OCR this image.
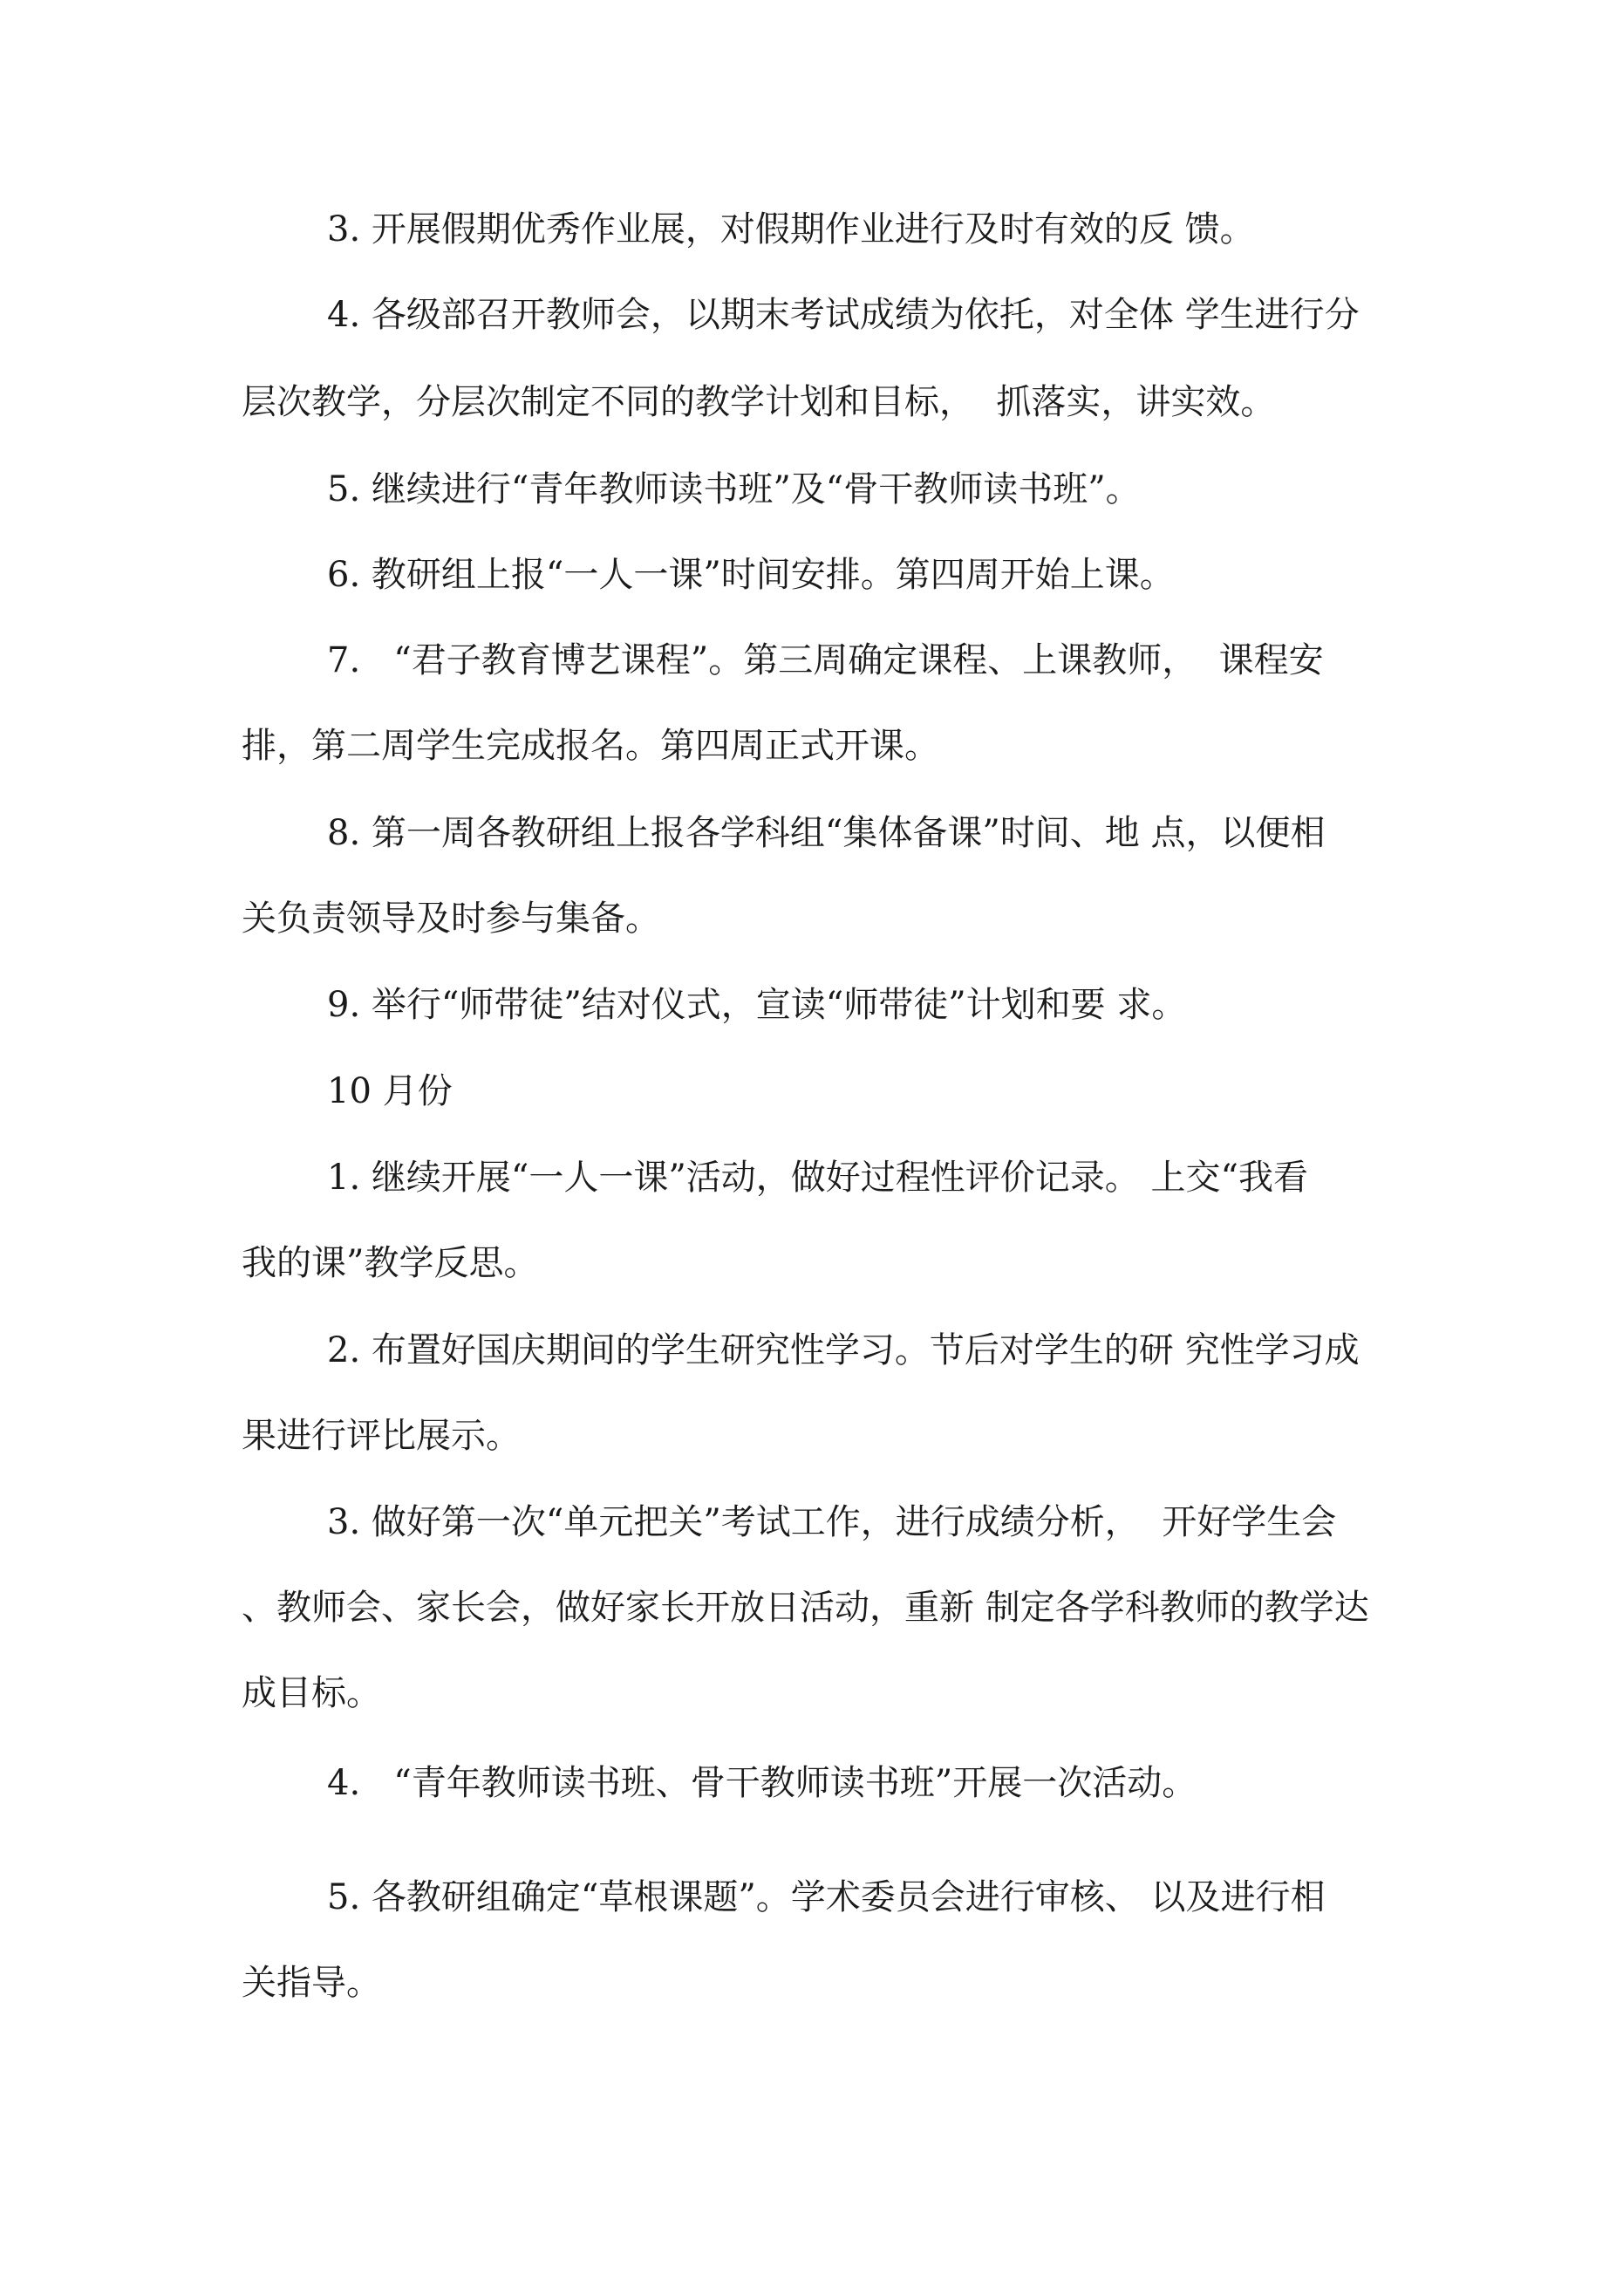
3. 开展假期优秀作业展，对假期作业进行及时有效的反 馈。

4. 各级部召开教师会，以期末考试成绩为依托，对全体 学生进行分

层次教学，分层次制定不同的教学计划和目标，  抓落实，讲实效。

5. 继续进行“青年教师读书班”及“骨干教师读书班”。

6. 教研组上报“一人一课”时间安排。第四周开始上课。

7.   “君子教育博艺课程”。第三周确定课程、上课教师，  课程安

排，第二周学生完成报名。第四周正式开课。

8. 第一周各教研组上报各学科组“集体备课”时间、地 点，以便相

关负责领导及时参与集备。

9. 举行“师带徒”结对仪式，宣读“师带徒”计划和要 求。

10 月份

1. 继续开展“一人一课”活动，做好过程性评价记录。 上交“我看

我的课”教学反思。

2. 布置好国庆期间的学生研究性学习。节后对学生的研 究性学习成

果进行评比展示。

3. 做好第一次“单元把关”考试工作，进行成绩分析，  开好学生会

、教师会、家长会，做好家长开放日活动，重新 制定各学科教师的教学达

成目标。

4.   “青年教师读书班、骨干教师读书班”开展一次活动。

5. 各教研组确定“草根课题”。学术委员会进行审核、 以及进行相

关指导。
